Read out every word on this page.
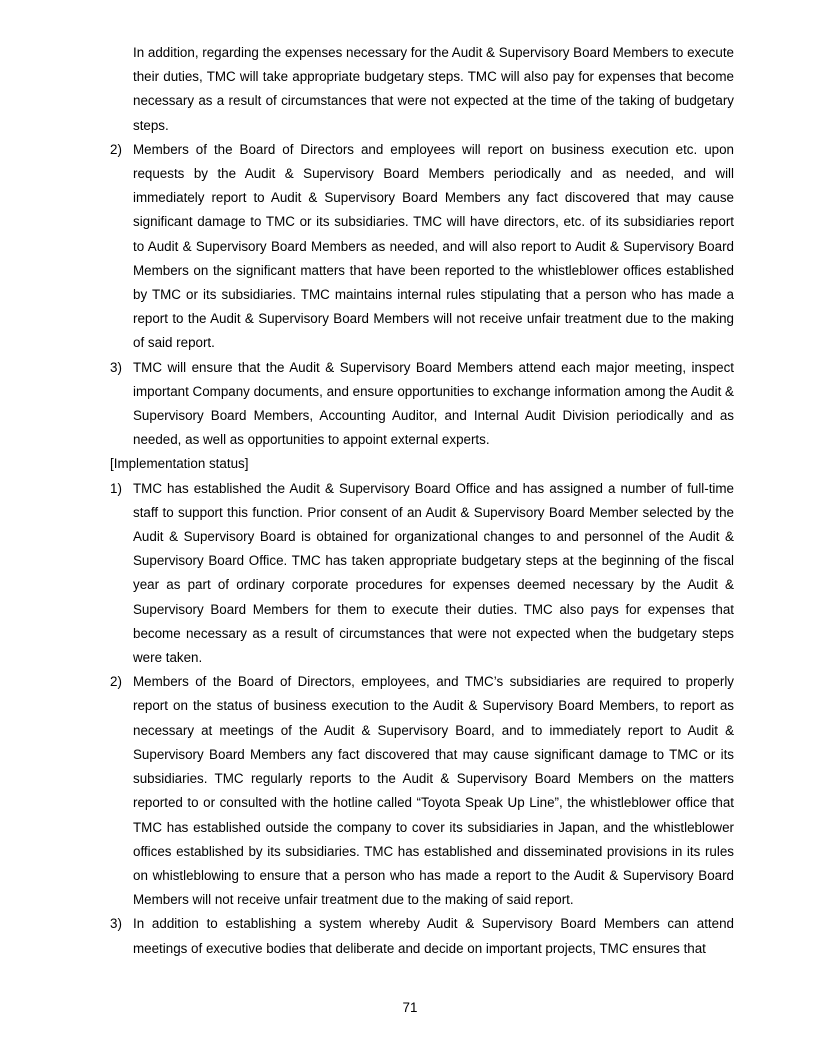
In addition, regarding the expenses necessary for the Audit & Supervisory Board Members to execute their duties, TMC will take appropriate budgetary steps. TMC will also pay for expenses that become necessary as a result of circumstances that were not expected at the time of the taking of budgetary steps.

2) Members of the Board of Directors and employees will report on business execution etc. upon requests by the Audit & Supervisory Board Members periodically and as needed, and will immediately report to Audit & Supervisory Board Members any fact discovered that may cause significant damage to TMC or its subsidiaries. TMC will have directors, etc. of its subsidiaries report to Audit & Supervisory Board Members as needed, and will also report to Audit & Supervisory Board Members on the significant matters that have been reported to the whistleblower offices established by TMC or its subsidiaries. TMC maintains internal rules stipulating that a person who has made a report to the Audit & Supervisory Board Members will not receive unfair treatment due to the making of said report.

3) TMC will ensure that the Audit & Supervisory Board Members attend each major meeting, inspect important Company documents, and ensure opportunities to exchange information among the Audit & Supervisory Board Members, Accounting Auditor, and Internal Audit Division periodically and as needed, as well as opportunities to appoint external experts.

[Implementation status]

1) TMC has established the Audit & Supervisory Board Office and has assigned a number of full-time staff to support this function. Prior consent of an Audit & Supervisory Board Member selected by the Audit & Supervisory Board is obtained for organizational changes to and personnel of the Audit & Supervisory Board Office. TMC has taken appropriate budgetary steps at the beginning of the fiscal year as part of ordinary corporate procedures for expenses deemed necessary by the Audit & Supervisory Board Members for them to execute their duties. TMC also pays for expenses that become necessary as a result of circumstances that were not expected when the budgetary steps were taken.

2) Members of the Board of Directors, employees, and TMC’s subsidiaries are required to properly report on the status of business execution to the Audit & Supervisory Board Members, to report as necessary at meetings of the Audit & Supervisory Board, and to immediately report to Audit & Supervisory Board Members any fact discovered that may cause significant damage to TMC or its subsidiaries. TMC regularly reports to the Audit & Supervisory Board Members on the matters reported to or consulted with the hotline called “Toyota Speak Up Line”, the whistleblower office that TMC has established outside the company to cover its subsidiaries in Japan, and the whistleblower offices established by its subsidiaries. TMC has established and disseminated provisions in its rules on whistleblowing to ensure that a person who has made a report to the Audit & Supervisory Board Members will not receive unfair treatment due to the making of said report.

3) In addition to establishing a system whereby Audit & Supervisory Board Members can attend meetings of executive bodies that deliberate and decide on important projects, TMC ensures that

71
